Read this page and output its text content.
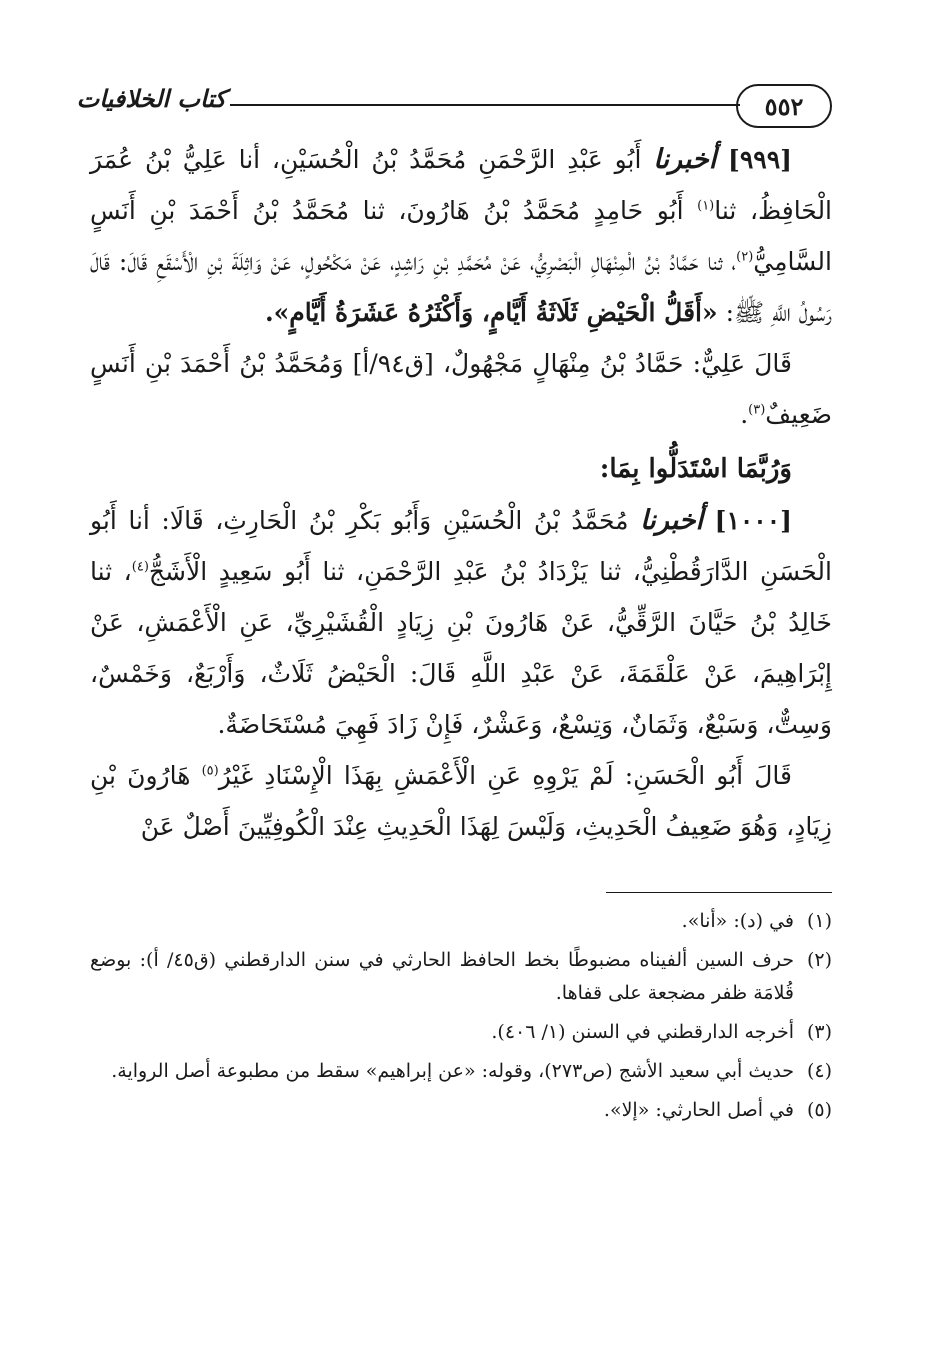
٥٥٢
كتاب الخلافيات

[٩٩٩] أخبرنا أَبُو عَبْدِ الرَّحْمَنِ مُحَمَّدُ بْنُ الْحُسَيْنِ، أنا عَلِيُّ بْنُ عُمَرَ الْحَافِظُ، ثنا$^{(١)}$ أَبُو حَامِدٍ مُحَمَّدُ بْنُ هَارُونَ، ثنا مُحَمَّدُ بْنُ أَحْمَدَ بْنِ أَنَسٍ السَّامِيُّ$^{(٢)}$، ثنا حَمَّادُ بْنُ الْمِنْهَالِ الْبَصْرِيُّ، عَنْ مُحَمَّدِ بْنِ رَاشِدٍ، عَنْ مَكْحُولٍ، عَنْ وَاثِلَةَ بْنِ الْأَسْقَعِ قَالَ: قَالَ رَسُولُ اللَّهِ ﷺ: «أَقَلُّ الْحَيْضِ ثَلَاثَةُ أَيَّامٍ، وَأَكْثَرُهُ عَشَرَةُ أَيَّامٍ».

قَالَ عَلِيٌّ: حَمَّادُ بْنُ مِنْهَالٍ مَجْهُولٌ، [ق٩٤/أ] وَمُحَمَّدُ بْنُ أَحْمَدَ بْنِ أَنَسٍ ضَعِيفٌ$^{(٣)}$.

وَرُبَّمَا اسْتَدَلُّوا بِمَا:

[١٠٠٠] أخبرنا مُحَمَّدُ بْنُ الْحُسَيْنِ وَأَبُو بَكْرِ بْنُ الْحَارِثِ، قَالَا: أنا أَبُو الْحَسَنِ الدَّارَقُطْنِيُّ، ثنا يَزْدَادُ بْنُ عَبْدِ الرَّحْمَنِ، ثنا أَبُو سَعِيدٍ الْأَشَجُّ$^{(٤)}$، ثنا خَالِدُ بْنُ حَيَّانَ الرَّقِّيُّ، عَنْ هَارُونَ بْنِ زِيَادٍ الْقُشَيْرِيِّ، عَنِ الْأَعْمَشِ، عَنْ إِبْرَاهِيمَ، عَنْ عَلْقَمَةَ، عَنْ عَبْدِ اللَّهِ قَالَ: الْحَيْضُ ثَلَاثٌ، وَأَرْبَعٌ، وَخَمْسٌ، وَسِتٌّ، وَسَبْعٌ، وَثَمَانٌ، وَتِسْعٌ، وَعَشْرٌ، فَإِنْ زَادَ فَهِيَ مُسْتَحَاضَةٌ.

قَالَ أَبُو الْحَسَنِ: لَمْ يَرْوِهِ عَنِ الْأَعْمَشِ بِهَذَا الْإِسْنَادِ غَيْرُ$^{(٥)}$ هَارُونَ بْنِ زِيَادٍ، وَهُوَ ضَعِيفُ الْحَدِيثِ، وَلَيْسَ لِهَذَا الْحَدِيثِ عِنْدَ الْكُوفِيِّينَ أَصْلٌ عَنْ

(١)
في (د): «أنا».
(٢)
حرف السين ألفيناه مضبوطًا بخط الحافظ الحارثي في سنن الدارقطني (ق٤٥/ أ): بوضع قُلامَة ظفر مضجعة على قفاها.
(٣)
أخرجه الدارقطني في السنن (١/ ٤٠٦).
(٤)
حديث أبي سعيد الأشج (ص٢٧٣)، وقوله: «عن إبراهيم» سقط من مطبوعة أصل الرواية.
(٥)
في أصل الحارثي: «إلا».
